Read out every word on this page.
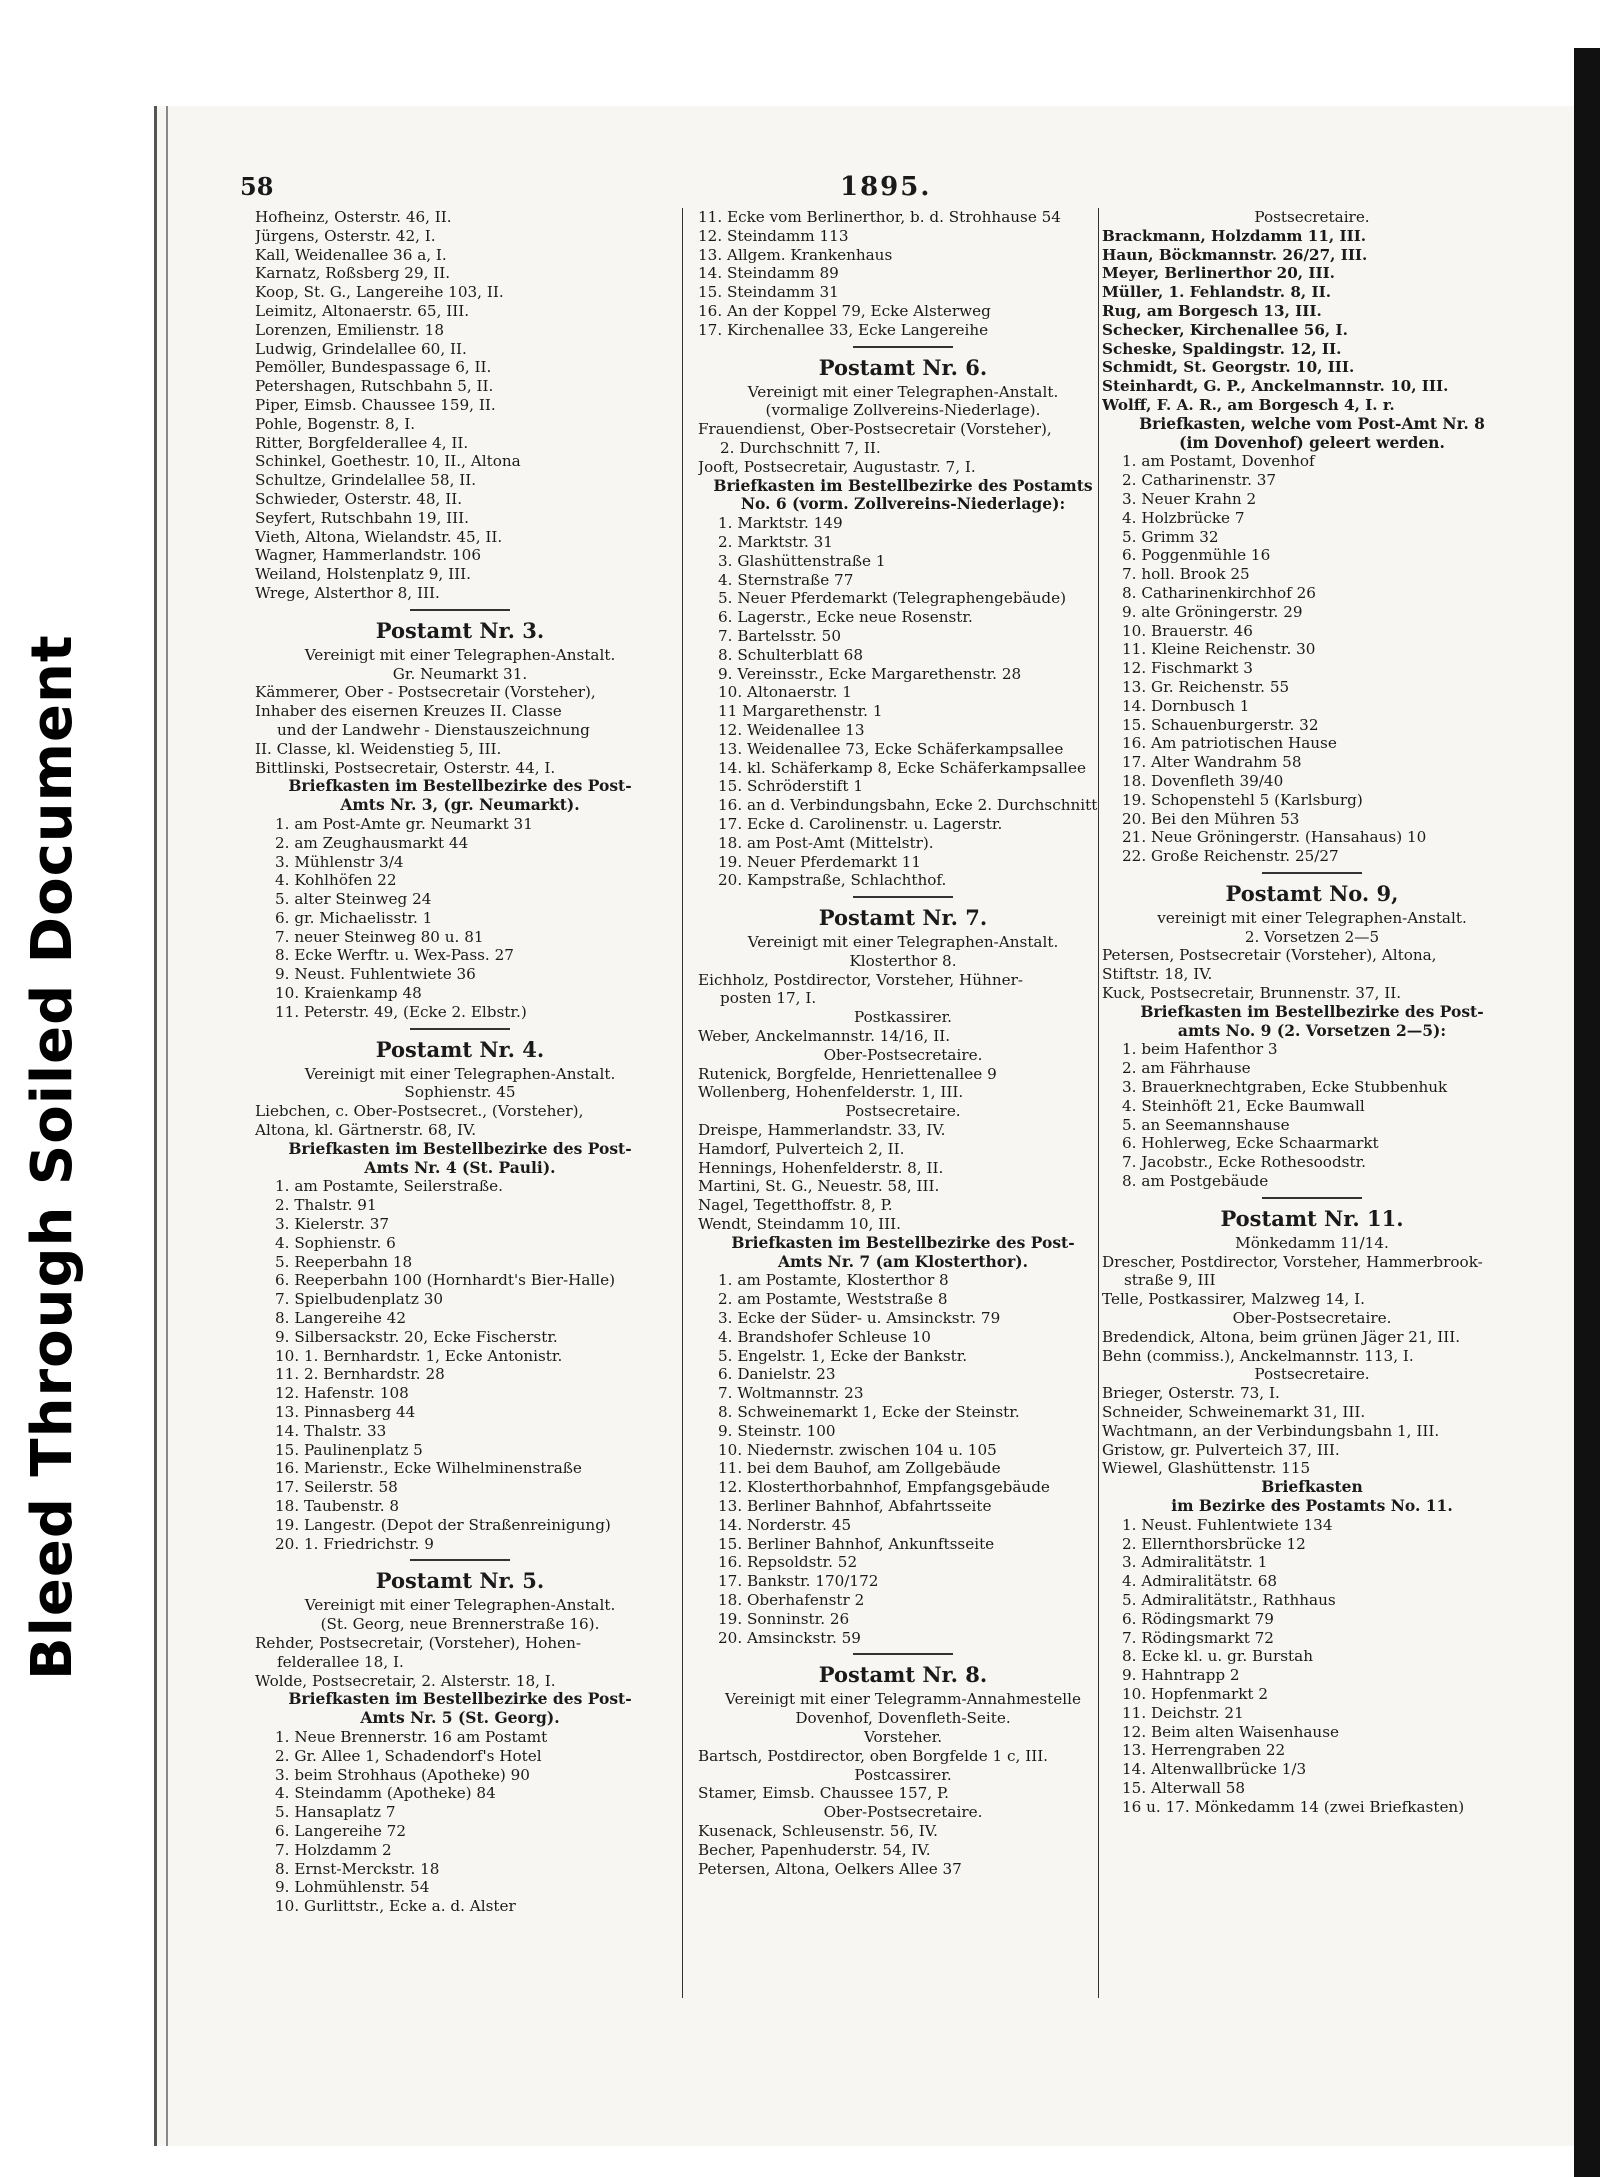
Bleed Through Soiled Document
58	1895.
Hofheinz, Osterstr. 46, II.
Jürgens, Osterstr. 42, I.
Kall, Weidenallee 36 a, I.
Karnatz, Roßsberg 29, II.
Koop, St. G., Langereihe 103, II.
Leimitz, Altonaerstr. 65, III.
Lorenzen, Emilienstr. 18
Ludwig, Grindelallee 60, II.
Pemöller, Bundespassage 6, II.
Petershagen, Rutschbahn 5, II.
Piper, Eimsb. Chaussee 159, II.
Pohle, Bogenstr. 8, I.
Ritter, Borgfelderallee 4, II.
Schinkel, Goethestr. 10, II., Altona
Schultze, Grindelallee 58, II.
Schwieder, Osterstr. 48, II.
Seyfert, Rutschbahn 19, III.
Vieth, Altona, Wielandstr. 45, II.
Wagner, Hammerlandstr. 106
Weiland, Holstenplatz 9, III.
Wrege, Alsterthor 8, III.
Postamt Nr. 3.
Vereinigt mit einer Telegraphen-Anstalt.
Gr. Neumarkt 31.
Kämmerer, Ober - Postsecretair (Vorsteher),
Inhaber des eisernen Kreuzes II. Classe
und der Landwehr - Dienstauszeichnung
II. Classe, kl. Weidenstieg 5, III.
Bittlinski, Postsecretair, Osterstr. 44, I.
Briefkasten im Bestellbezirke des Post-
Amts Nr. 3, (gr. Neumarkt).
1. am Post-Amte gr. Neumarkt 31
2. am Zeughausmarkt 44
3. Mühlenstr 3/4
4. Kohlhöfen 22
5. alter Steinweg 24
6. gr. Michaelisstr. 1
7. neuer Steinweg 80 u. 81
8. Ecke Werftr. u. Wex-Pass. 27
9. Neust. Fuhlentwiete 36
10. Kraienkamp 48
11. Peterstr. 49, (Ecke 2. Elbstr.)
Postamt Nr. 4.
Vereinigt mit einer Telegraphen-Anstalt.
Sophienstr. 45
Liebchen, c. Ober-Postsecret., (Vorsteher),
Altona, kl. Gärtnerstr. 68, IV.
Briefkasten im Bestellbezirke des Post-
Amts Nr. 4 (St. Pauli).
1. am Postamte, Seilerstraße.
2. Thalstr. 91
3. Kielerstr. 37
4. Sophienstr. 6
5. Reeperbahn 18
6. Reeperbahn 100 (Hornhardt's Bier-Halle)
7. Spielbudenplatz 30
8. Langereihe 42
9. Silbersackstr. 20, Ecke Fischerstr.
10. 1. Bernhardstr. 1, Ecke Antonistr.
11. 2. Bernhardstr. 28
12. Hafenstr. 108
13. Pinnasberg 44
14. Thalstr. 33
15. Paulinenplatz 5
16. Marienstr., Ecke Wilhelminenstraße
17. Seilerstr. 58
18. Taubenstr. 8
19. Langestr. (Depot der Straßenreinigung)
20. 1. Friedrichstr. 9
Postamt Nr. 5.
Vereinigt mit einer Telegraphen-Anstalt.
(St. Georg, neue Brennerstraße 16).
Rehder, Postsecretair, (Vorsteher), Hohen-
felderallee 18, I.
Wolde, Postsecretair, 2. Alsterstr. 18, I.
Briefkasten im Bestellbezirke des Post-
Amts Nr. 5 (St. Georg).
1. Neue Brennerstr. 16 am Postamt
2. Gr. Allee 1, Schadendorf's Hotel
3. beim Strohhaus (Apotheke) 90
4. Steindamm (Apotheke) 84
5. Hansaplatz 7
6. Langereihe 72
7. Holzdamm 2
8. Ernst-Merckstr. 18
9. Lohmühlenstr. 54
10. Gurlittstr., Ecke a. d. Alster
11. Ecke vom Berlinerthor, b. d. Strohhause 54
12. Steindamm 113
13. Allgem. Krankenhaus
14. Steindamm 89
15. Steindamm 31
16. An der Koppel 79, Ecke Alsterweg
17. Kirchenallee 33, Ecke Langereihe
Postamt Nr. 6.
Vereinigt mit einer Telegraphen-Anstalt.
(vormalige Zollvereins-Niederlage).
Frauendienst, Ober-Postsecretair (Vorsteher),
2. Durchschnitt 7, II.
Jooft, Postsecretair, Augustastr. 7, I.
Briefkasten im Bestellbezirke des Postamts
No. 6 (vorm. Zollvereins-Niederlage):
1. Marktstr. 149
2. Marktstr. 31
3. Glashüttenstraße 1
4. Sternstraße 77
5. Neuer Pferdemarkt (Telegraphengebäude)
6. Lagerstr., Ecke neue Rosenstr.
7. Bartelsstr. 50
8. Schulterblatt 68
9. Vereinsstr., Ecke Margarethenstr. 28
10. Altonaerstr. 1
11 Margarethenstr. 1
12. Weidenallee 13
13. Weidenallee 73, Ecke Schäferkampsallee
14. kl. Schäferkamp 8, Ecke Schäferkampsallee
15. Schröderstift 1
16. an d. Verbindungsbahn, Ecke 2. Durchschnitt
17. Ecke d. Carolinenstr. u. Lagerstr.
18. am Post-Amt (Mittelstr).
19. Neuer Pferdemarkt 11
20. Kampstraße, Schlachthof.
Postamt Nr. 7.
Vereinigt mit einer Telegraphen-Anstalt.
Klosterthor 8.
Eichholz, Postdirector, Vorsteher, Hühner-
posten 17, I.
Postkassirer.
Weber, Anckelmannstr. 14/16, II.
Ober-Postsecretaire.
Rutenick, Borgfelde, Henriettenallee 9
Wollenberg, Hohenfelderstr. 1, III.
Postsecretaire.
Dreispe, Hammerlandstr. 33, IV.
Hamdorf, Pulverteich 2, II.
Hennings, Hohenfelderstr. 8, II.
Martini, St. G., Neuestr. 58, III.
Nagel, Tegetthoffstr. 8, P.
Wendt, Steindamm 10, III.
Briefkasten im Bestellbezirke des Post-
Amts Nr. 7 (am Klosterthor).
1. am Postamte, Klosterthor 8
2. am Postamte, Weststraße 8
3. Ecke der Süder- u. Amsinckstr. 79
4. Brandshofer Schleuse 10
5. Engelstr. 1, Ecke der Bankstr.
6. Danielstr. 23
7. Woltmannstr. 23
8. Schweinemarkt 1, Ecke der Steinstr.
9. Steinstr. 100
10. Niedernstr. zwischen 104 u. 105
11. bei dem Bauhof, am Zollgebäude
12. Klosterthorbahnhof, Empfangsgebäude
13. Berliner Bahnhof, Abfahrtsseite
14. Norderstr. 45
15. Berliner Bahnhof, Ankunftsseite
16. Repsoldstr. 52
17. Bankstr. 170/172
18. Oberhafenstr 2
19. Sonninstr. 26
20. Amsinckstr. 59
Postamt Nr. 8.
Vereinigt mit einer Telegramm-Annahmestelle
Dovenhof, Dovenfleth-Seite.
Vorsteher.
Bartsch, Postdirector, oben Borgfelde 1 c, III.
Postcassirer.
Stamer, Eimsb. Chaussee 157, P.
Ober-Postsecretaire.
Kusenack, Schleusenstr. 56, IV.
Becher, Papenhuderstr. 54, IV.
Petersen, Altona, Oelkers Allee 37
Postsecretaire.
Brackmann, Holzdamm 11, III.
Haun, Böckmannstr. 26/27, III.
Meyer, Berlinerthor 20, III.
Müller, 1. Fehlandstr. 8, II.
Rug, am Borgesch 13, III.
Schecker, Kirchenallee 56, I.
Scheske, Spaldingstr. 12, II.
Schmidt, St. Georgstr. 10, III.
Steinhardt, G. P., Anckelmannstr. 10, III.
Wolff, F. A. R., am Borgesch 4, I. r.
Briefkasten, welche vom Post-Amt Nr. 8
(im Dovenhof) geleert werden.
1. am Postamt, Dovenhof
2. Catharinenstr. 37
3. Neuer Krahn 2
4. Holzbrücke 7
5. Grimm 32
6. Poggenmühle 16
7. holl. Brook 25
8. Catharinenkirchhof 26
9. alte Gröningerstr. 29
10. Brauerstr. 46
11. Kleine Reichenstr. 30
12. Fischmarkt 3
13. Gr. Reichenstr. 55
14. Dornbusch 1
15. Schauenburgerstr. 32
16. Am patriotischen Hause
17. Alter Wandrahm 58
18. Dovenfleth 39/40
19. Schopenstehl 5 (Karlsburg)
20. Bei den Mühren 53
21. Neue Gröningerstr. (Hansahaus) 10
22. Große Reichenstr. 25/27
Postamt No. 9,
vereinigt mit einer Telegraphen-Anstalt.
2. Vorsetzen 2—5
Petersen, Postsecretair (Vorsteher), Altona,
Stiftstr. 18, IV.
Kuck, Postsecretair, Brunnenstr. 37, II.
Briefkasten im Bestellbezirke des Post-
amts No. 9 (2. Vorsetzen 2—5):
1. beim Hafenthor 3
2. am Fährhause
3. Brauerknechtgraben, Ecke Stubbenhuk
4. Steinhöft 21, Ecke Baumwall
5. an Seemannshause
6. Hohlerweg, Ecke Schaarmarkt
7. Jacobstr., Ecke Rothesoodstr.
8. am Postgebäude
Postamt Nr. 11.
Mönkedamm 11/14.
Drescher, Postdirector, Vorsteher, Hammerbrook-
straße 9, III
Telle, Postkassirer, Malzweg 14, I.
Ober-Postsecretaire.
Bredendick, Altona, beim grünen Jäger 21, III.
Behn (commiss.), Anckelmannstr. 113, I.
Postsecretaire.
Brieger, Osterstr. 73, I.
Schneider, Schweinemarkt 31, III.
Wachtmann, an der Verbindungsbahn 1, III.
Gristow, gr. Pulverteich 37, III.
Wiewel, Glashüttenstr. 115
Briefkasten
im Bezirke des Postamts No. 11.
1. Neust. Fuhlentwiete 134
2. Ellernthorsbrücke 12
3. Admiralitätstr. 1
4. Admiralitätstr. 68
5. Admiralitätstr., Rathhaus
6. Rödingsmarkt 79
7. Rödingsmarkt 72
8. Ecke kl. u. gr. Burstah
9. Hahntrapp 2
10. Hopfenmarkt 2
11. Deichstr. 21
12. Beim alten Waisenhause
13. Herrengraben 22
14. Altenwallbrücke 1/3
15. Alterwall 58
16 u. 17. Mönkedamm 14 (zwei Briefkasten)
